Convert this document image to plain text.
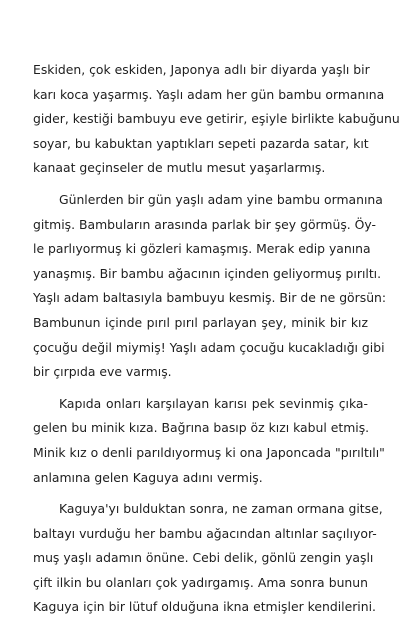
Eskiden, çok eskiden, Japonya adlı bir diyarda yaşlı bir
karı koca yaşarmış. Yaşlı adam her gün bambu ormanına
gider, kestiği bambuyu eve getirir, eşiyle birlikte kabuğunu
soyar, bu kabuktan yaptıkları sepeti pazarda satar, kıt
kanaat geçinseler de mutlu mesut yaşarlarmış.
Günlerden bir gün yaşlı adam yine bambu ormanına
gitmiş. Bambuların arasında parlak bir şey görmüş. Öy-
le parlıyormuş ki gözleri kamaşmış. Merak edip yanına
yanaşmış. Bir bambu ağacının içinden geliyormuş pırıltı.
Yaşlı adam baltasıyla bambuyu kesmiş. Bir de ne görsün:
Bambunun içinde pırıl pırıl parlayan şey, minik bir kız
çocuğu değil miymiş! Yaşlı adam çocuğu kucakladığı gibi
bir çırpıda eve varmış.
Kapıda onları karşılayan karısı pek sevinmiş çıka-
gelen bu minik kıza. Bağrına basıp öz kızı kabul etmiş.
Minik kız o denli parıldıyormuş ki ona Japoncada "pırıltılı"
anlamına gelen Kaguya adını vermiş.
Kaguya'yı bulduktan sonra, ne zaman ormana gitse,
baltayı vurduğu her bambu ağacından altınlar saçılıyor-
muş yaşlı adamın önüne. Cebi delik, gönlü zengin yaşlı
çift ilkin bu olanları çok yadırgamış. Ama sonra bunun
Kaguya için bir lütuf olduğuna ikna etmişler kendilerini.
